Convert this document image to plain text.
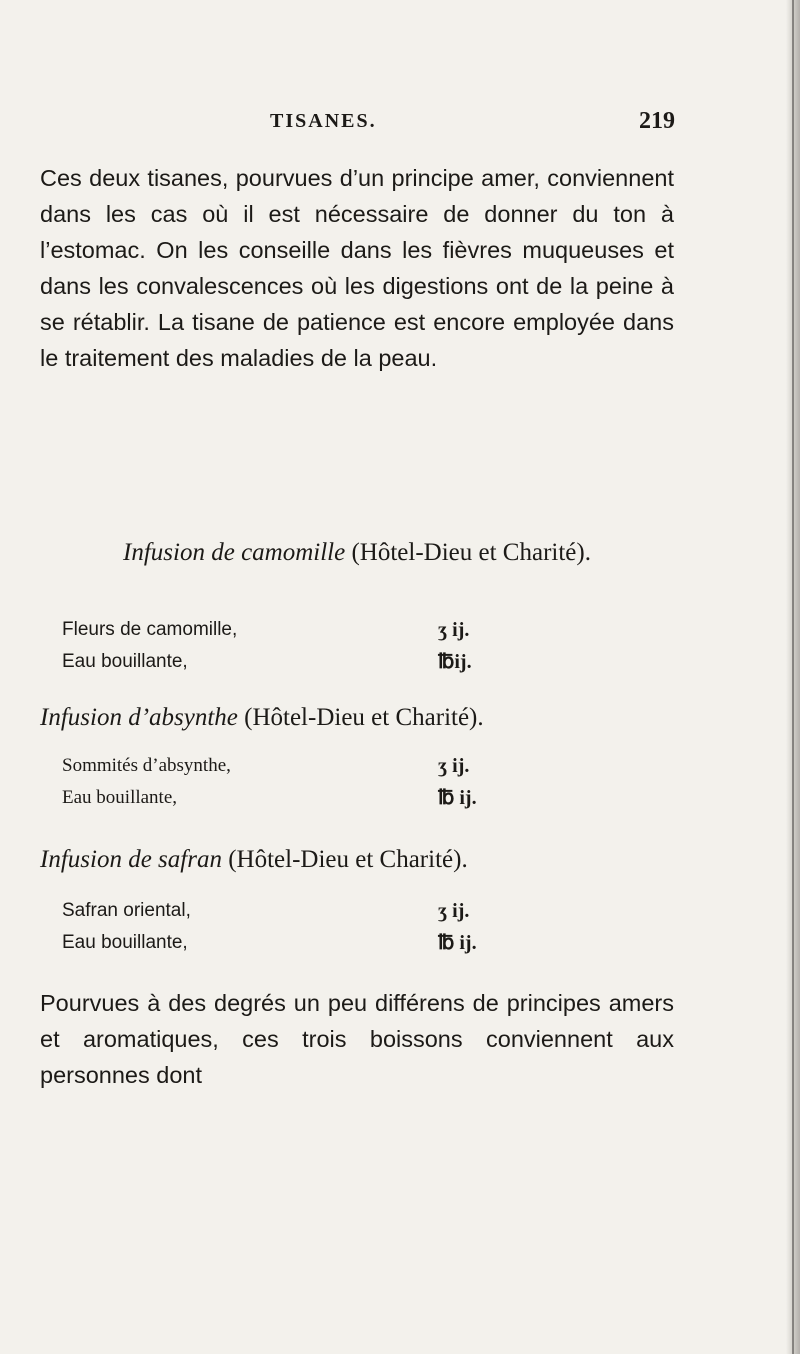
TISANES.	219

Ces deux tisanes, pourvues d’un principe amer, conviennent dans les cas où il est nécessaire de donner du ton à l’estomac. On les conseille dans les fièvres muqueuses et dans les convalescences où les digestions ont de la peine à se rétablir. La tisane de patience est encore employée dans le traitement des maladies de la peau.

Infusion de camomille (Hôtel-Dieu et Charité).

Fleurs de camomille,	ʒ ij.
Eau bouillante,	℔ij.

Infusion d’absynthe (Hôtel-Dieu et Charité).

Sommités d’absynthe,	ʒ ij.
Eau bouillante,	℔ ij.

Infusion de safran (Hôtel-Dieu et Charité).

Safran oriental,	ʒ ij.
Eau bouillante,	℔ ij.

Pourvues à des degrés un peu différens de principes amers et aromatiques, ces trois boissons conviennent aux personnes dont
